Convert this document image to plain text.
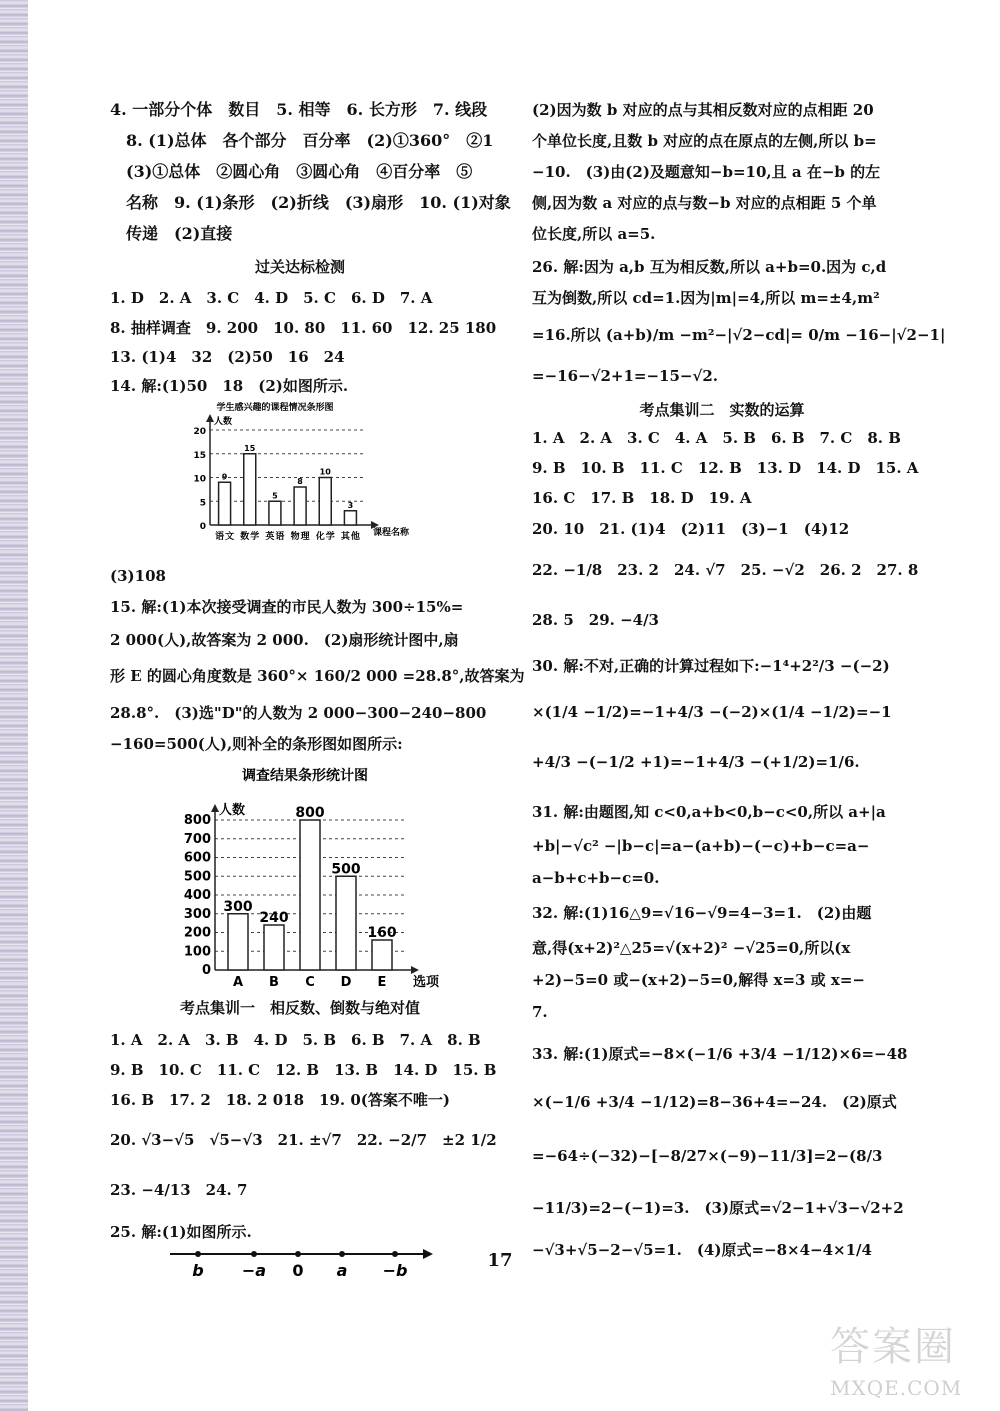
4. 一部分个体　数目　5. 相等　6. 长方形　7. 线段
　8. (1)总体　各个部分　百分率　(2)①360°　②1
　(3)①总体　②圆心角　③圆心角　④百分率　⑤
　名称　9. (1)条形　(2)折线　(3)扇形　10. (1)对象
　传递　(2)直接
过关达标检测
1. D　2. A　3. C　4. D　5. C　6. D　7. A
8. 抽样调查　9. 200　10. 80　11. 60　12. 25 180
13. (1)4　32　(2)50　16　24
14. 解:(1)50　18　(2)如图所示.
学生感兴趣的课程情况条形图
人数
0
5
10
15
20
9
语 文
15
数 学
5
英 语
8
物 理
10
化 学
3
其 他 课程名称
(3)108
15. 解:(1)本次接受调查的市民人数为 300÷15%=
2 000(人),故答案为 2 000.　(2)扇形统计图中,扇
形 E 的圆心角度数是 360°× 160/2 000 =28.8°,故答案为
28.8°.　(3)选"D"的人数为 2 000−300−240−800
−160=500(人),则补全的条形图如图所示:
调查结果条形统计图
人数
0
100
200
300
400
500
600
700
800
300
A
240
B
800
C
500
D
160
E 选项
考点集训一　相反数、倒数与绝对值
1. A　2. A　3. B　4. D　5. B　6. B　7. A　8. B
9. B　10. C　11. C　12. B　13. B　14. D　15. B
16. B　17. 2　18. 2 018　19. 0(答案不唯一)
20. √3−√5　√5−√3　21. ±√7　22. −2/7　±2 1/2
23. −4/13　24. 7
25. 解:(1)如图所示.
b −a 0 a −b
(2)因为数 b 对应的点与其相反数对应的点相距 20
个单位长度,且数 b 对应的点在原点的左侧,所以 b=
−10.　(3)由(2)及题意知−b=10,且 a 在−b 的左
侧,因为数 a 对应的点与数−b 对应的点相距 5 个单
位长度,所以 a=5.
26. 解:因为 a,b 互为相反数,所以 a+b=0.因为 c,d
互为倒数,所以 cd=1.因为|m|=4,所以 m=±4,m²
=16.所以 (a+b)/m −m²−|√2−cd|= 0/m −16−|√2−1|
=−16−√2+1=−15−√2.
考点集训二　实数的运算
1. A　2. A　3. C　4. A　5. B　6. B　7. C　8. B
9. B　10. B　11. C　12. B　13. D　14. D　15. A
16. C　17. B　18. D　19. A
20. 10　21. (1)4　(2)11　(3)−1　(4)12
22. −1/8　23. 2　24. √7　25. −√2　26. 2　27. 8
28. 5　29. −4/3
30. 解:不对,正确的计算过程如下:−1⁴+2²/3 −(−2)
×(1/4 −1/2)=−1+4/3 −(−2)×(1/4 −1/2)=−1
+4/3 −(−1/2 +1)=−1+4/3 −(+1/2)=1/6.
31. 解:由题图,知 c<0,a+b<0,b−c<0,所以 a+|a
+b|−√c² −|b−c|=a−(a+b)−(−c)+b−c=a−
a−b+c+b−c=0.
32. 解:(1)16△9=√16−√9=4−3=1.　(2)由题
意,得(x+2)²△25=√(x+2)² −√25=0,所以(x
+2)−5=0 或−(x+2)−5=0,解得 x=3 或 x=−
7.
33. 解:(1)原式=−8×(−1/6 +3/4 −1/12)×6=−48
×(−1/6 +3/4 −1/12)=8−36+4=−24.　(2)原式
=−64÷(−32)−[−8/27×(−9)−11/3]=2−(8/3
−11/3)=2−(−1)=3.　(3)原式=√2−1+√3−√2+2
−√3+√5−2−√5=1.　(4)原式=−8×4−4×1/4
17
答案圈
MXQE.COM
